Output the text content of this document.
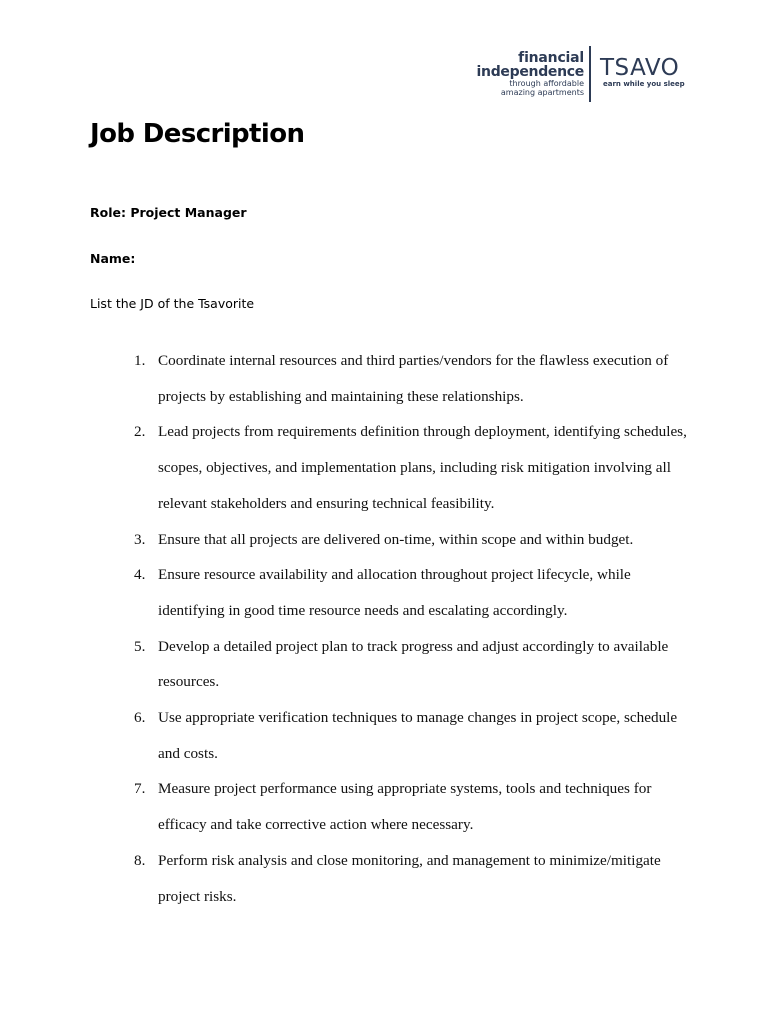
financial
independence
through affordable
amazing apartments
TSAVO
earn while you sleep
Job Description

Role: Project Manager

Name:

List the JD of the Tsavorite

1. Coordinate internal resources and third parties/vendors for the flawless execution of projects by establishing and maintaining these relationships.
2. Lead projects from requirements definition through deployment, identifying schedules, scopes, objectives, and implementation plans, including risk mitigation involving all relevant stakeholders and ensuring technical feasibility.
3. Ensure that all projects are delivered on-time, within scope and within budget.
4. Ensure resource availability and allocation throughout project lifecycle, while identifying in good time resource needs and escalating accordingly.
5. Develop a detailed project plan to track progress and adjust accordingly to available resources.
6. Use appropriate verification techniques to manage changes in project scope, schedule and costs.
7. Measure project performance using appropriate systems, tools and techniques for efficacy and take corrective action where necessary.
8. Perform risk analysis and close monitoring, and management to minimize/mitigate project risks.
